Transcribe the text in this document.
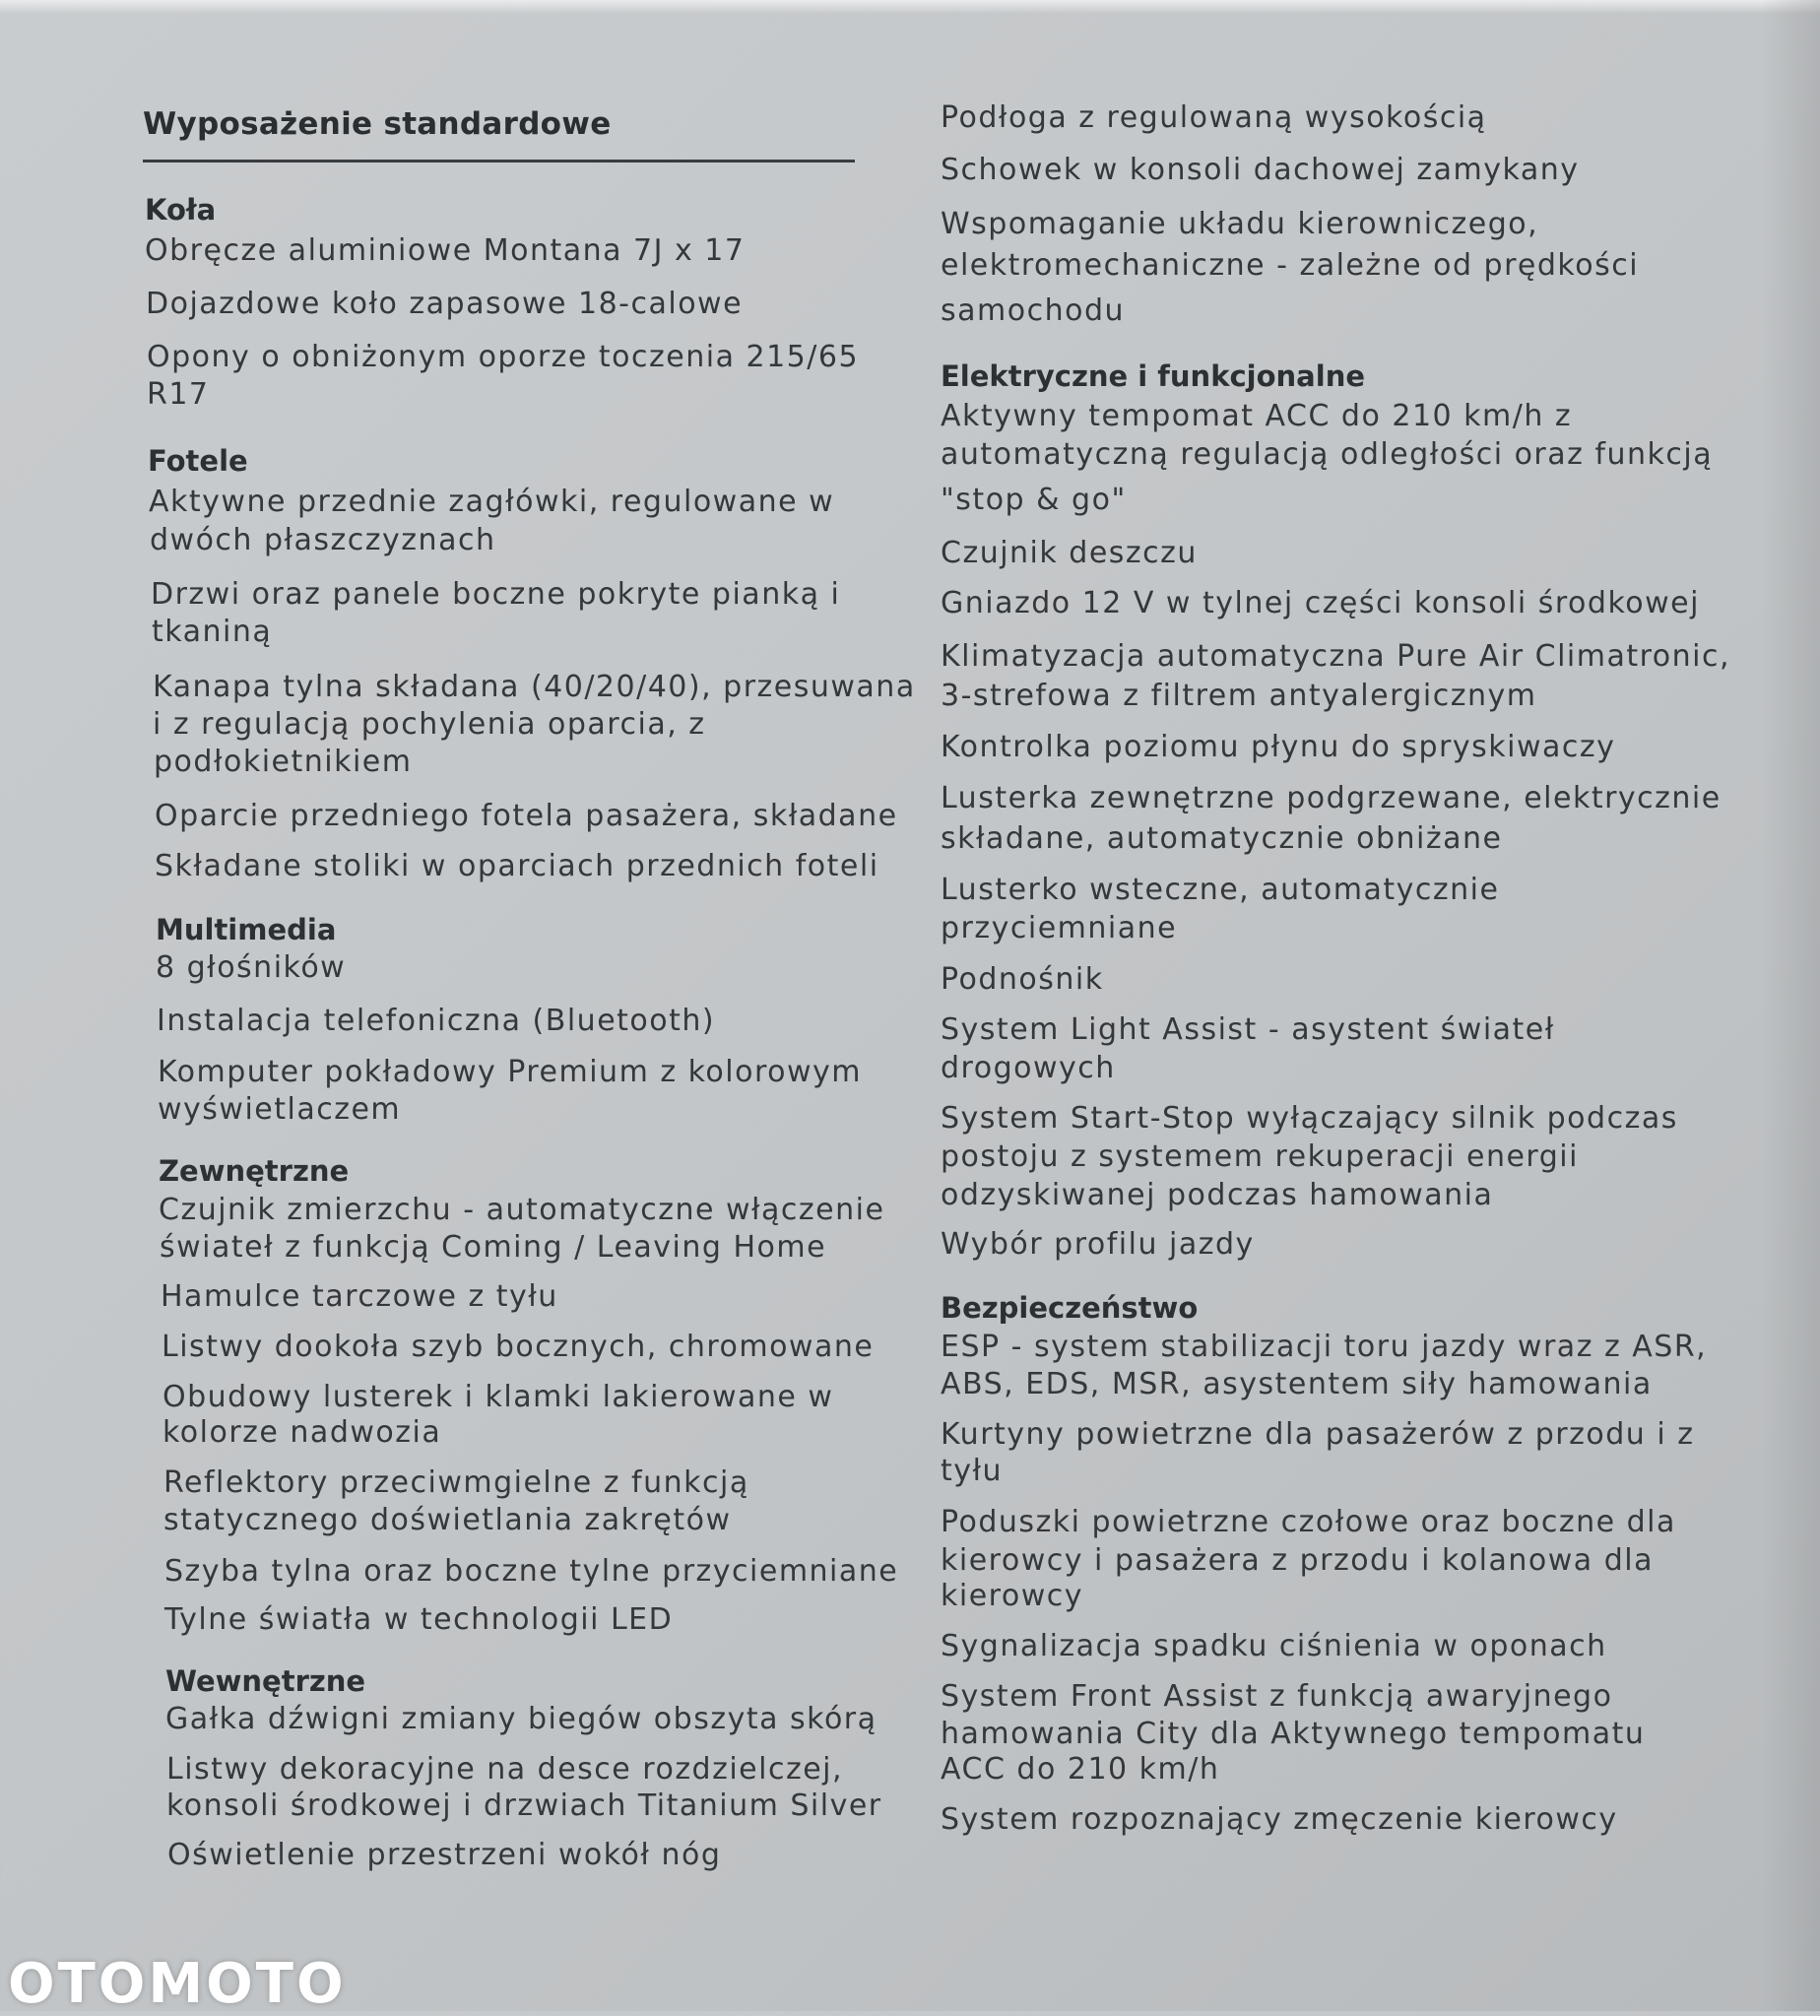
Wyposażenie standardowe
Koła
Obręcze aluminiowe Montana 7J x 17
Dojazdowe koło zapasowe 18-calowe
Opony o obniżonym oporze toczenia 215/65
R17
Fotele
Aktywne przednie zagłówki, regulowane w
dwóch płaszczyznach
Drzwi oraz panele boczne pokryte pianką i
tkaniną
Kanapa tylna składana (40/20/40), przesuwana
i z regulacją pochylenia oparcia, z
podłokietnikiem
Oparcie przedniego fotela pasażera, składane
Składane stoliki w oparciach przednich foteli
Multimedia
8 głośników
Instalacja telefoniczna (Bluetooth)
Komputer pokładowy Premium z kolorowym
wyświetlaczem
Zewnętrzne
Czujnik zmierzchu - automatyczne włączenie
świateł z funkcją Coming / Leaving Home
Hamulce tarczowe z tyłu
Listwy dookoła szyb bocznych, chromowane
Obudowy lusterek i klamki lakierowane w
kolorze nadwozia
Reflektory przeciwmgielne z funkcją
statycznego doświetlania zakrętów
Szyba tylna oraz boczne tylne przyciemniane
Tylne światła w technologii LED
Wewnętrzne
Gałka dźwigni zmiany biegów obszyta skórą
Listwy dekoracyjne na desce rozdzielczej,
konsoli środkowej i drzwiach Titanium Silver
Oświetlenie przestrzeni wokół nóg
Podłoga z regulowaną wysokością
Schowek w konsoli dachowej zamykany
Wspomaganie układu kierowniczego,
elektromechaniczne - zależne od prędkości
samochodu
Elektryczne i funkcjonalne
Aktywny tempomat ACC do 210 km/h z
automatyczną regulacją odległości oraz funkcją
"stop & go"
Czujnik deszczu
Gniazdo 12 V w tylnej części konsoli środkowej
Klimatyzacja automatyczna Pure Air Climatronic,
3-strefowa z filtrem antyalergicznym
Kontrolka poziomu płynu do spryskiwaczy
Lusterka zewnętrzne podgrzewane, elektrycznie
składane, automatycznie obniżane
Lusterko wsteczne, automatycznie
przyciemniane
Podnośnik
System Light Assist - asystent świateł
drogowych
System Start-Stop wyłączający silnik podczas
postoju z systemem rekuperacji energii
odzyskiwanej podczas hamowania
Wybór profilu jazdy
Bezpieczeństwo
ESP - system stabilizacji toru jazdy wraz z ASR,
ABS, EDS, MSR, asystentem siły hamowania
Kurtyny powietrzne dla pasażerów z przodu i z
tyłu
Poduszki powietrzne czołowe oraz boczne dla
kierowcy i pasażera z przodu i kolanowa dla
kierowcy
Sygnalizacja spadku ciśnienia w oponach
System Front Assist z funkcją awaryjnego
hamowania City dla Aktywnego tempomatu
ACC do 210 km/h
System rozpoznający zmęczenie kierowcy
OTOMOTO
